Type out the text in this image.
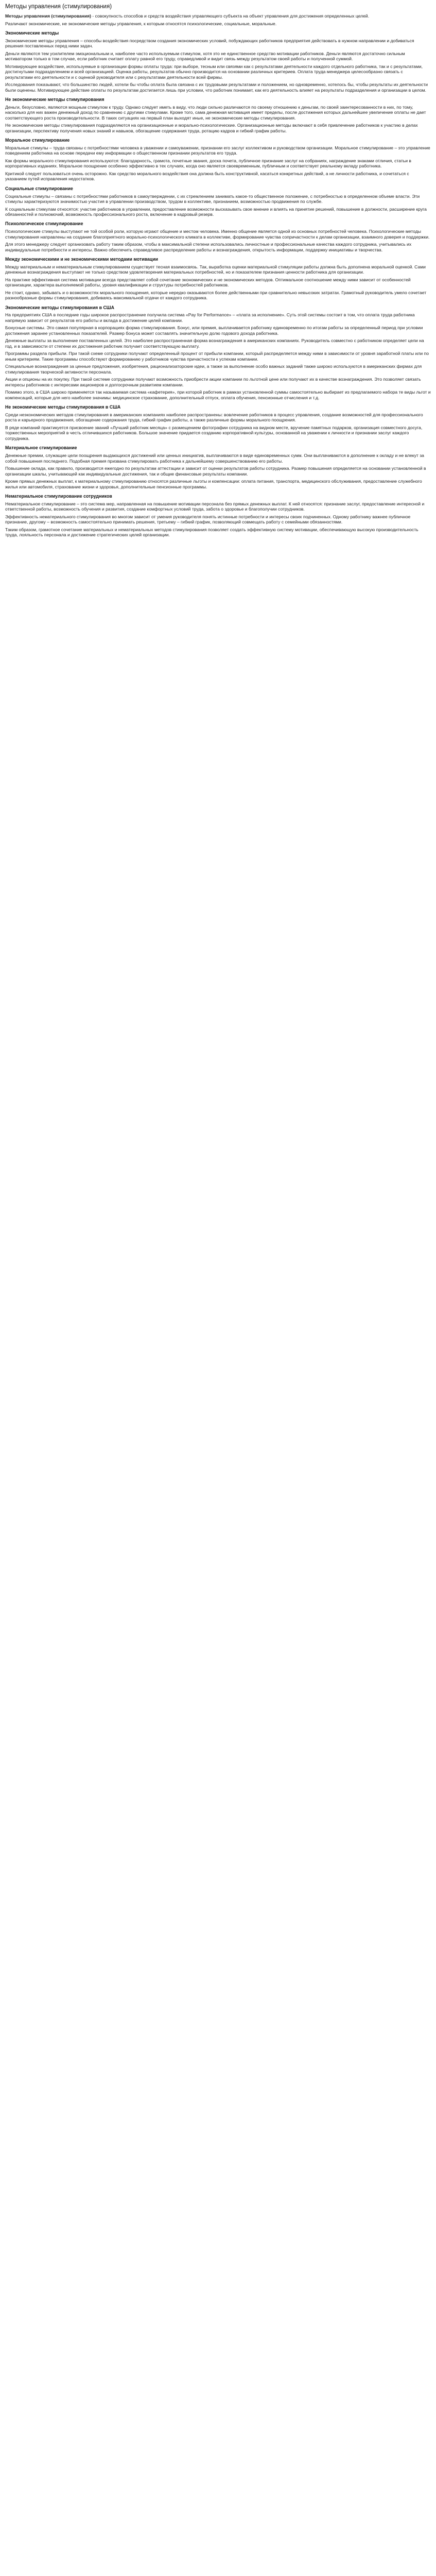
Методы управления (стимулирования)

Методы управления (стимулирования) - совокупность способов и средств воздействия управляющего субъекта на объект управления для достижения определенных целей.

Различают экономические, не экономические методы управления, к которым относятся психологические, социальные, моральные.

Экономические методы

Экономические методы управления – способы воздействия посредством создания экономических условий, побуждающих работников предприятия действовать в нужном направлении и добиваться решения поставленных перед ними задач.

Деньги являются тем усилителем эмоциональным и, наиболее часто используемым стимулом, хотя это не единственное средство мотивации работников. Деньги являются достаточно сильным мотиватором только в том случае, если работник считает оплату равной его труду, справедливой и видит связь между результатом своей работы и полученной суммой.

Мотивирующее воздействие, используемые в организации формы оплаты труда: при выборе, тесным или связями как с результатами деятельности каждого отдельного работника, так и с результатами, достигнутыми подразделением и всей организацией. Оценка работы, результатов обычно производится на основании различных критериев. Оплата труда менеджера целесообразно связать с результатами его деятельности и с оценкой руководителя или с результатами деятельности всей фирмы.

Исследования показывают, что большинство людей, хотели бы чтобы оплата была связана с их трудовыми результатами и положением, но одновременно, хотелось бы, чтобы результаты их деятельности были оценены. Мотивирующее действие оплаты по результатам достигается лишь при условии, что работник понимает, как его деятельность влияет на результаты подразделения и организации в целом.

Не экономические методы стимулирования

Деньги, безусловно, являются мощным стимулом к труду. Однако следует иметь в виду, что люди сильно различаются по своему отношению к деньгам, по своей заинтересованности в них, по тому, насколько для них важен денежный доход по сравнению с другими стимулами. Кроме того, сама денежная мотивация имеет пределы, после достижения которых дальнейшее увеличение оплаты не дает соответствующего роста производительности. В таких ситуациях на первый план выходят иные, не экономические методы стимулирования.

Не экономические методы стимулирования подразделяются на организационные и морально-психологические. Организационные методы включают в себя привлечение работников к участию в делах организации, перспективу получения новых знаний и навыков, обогащение содержания труда, ротацию кадров и гибкий график работы.

Моральное стимулирование

Моральные стимулы – труда связаны с потребностями человека в уважении и самоуважении, признании его заслуг коллективом и руководством организации. Моральное стимулирование – это управление поведением работника на основе передачи ему информации о общественном признании результатов его труда.

Как формы морального стимулирования используются: благодарность, грамота, почетные звания, доска почета, публичное признание заслуг на собраниях, награждение знаками отличия, статьи в корпоративных изданиях. Моральное поощрение особенно эффективно в тех случаях, когда оно является своевременным, публичным и соответствует реальному вкладу работника.

Критикой следует пользоваться очень осторожно. Как средство морального воздействия она должна быть конструктивной, касаться конкретных действий, а не личности работника, и сочетаться с указанием путей исправления недостатков.

Социальные стимулирование

Социальные стимулы – связаны с потребностями работников в самоутверждении, с их стремлением занимать какое-то общественное положение, с потребностью в определенном объеме власти. Эти стимулы характеризуются значимостью участия в управлении производством, трудом в коллективе, признанием, возможностью продвижения по службе.

К социальным стимулам относятся: участие работников в управлении, предоставление возможности высказывать свое мнение и влиять на принятие решений, повышение в должности, расширение круга обязанностей и полномочий, возможность профессионального роста, включение в кадровый резерв.

Психологическое стимулирование

Психологические стимулы выступают не той особой роли, которую играют общение и местом человека. Именно общение является одной из основных потребностей человека. Психологические методы стимулирования направлены на создание благоприятного морально-психологического климата в коллективе, формирование чувства сопричастности к делам организации, взаимного доверия и поддержки.

Для этого менеджеру следует организовать работу таким образом, чтобы в максимальной степени использовались личностные и профессиональные качества каждого сотрудника, учитывались их индивидуальные потребности и интересы. Важно обеспечить справедливое распределение работы и вознаграждения, открытость информации, поддержку инициативы и творчества.

Между экономическими и не экономическими методами мотивации

Между материальным и нематериальным стимулированием существует тесная взаимосвязь. Так, выработка оценки материальной стимуляции работы должна быть дополнена моральной оценкой. Сами денежные вознаграждения выступают не только средством удовлетворения материальных потребностей, но и показателем признания ценности работника для организации.

На практике эффективная система мотивации всегда представляет собой сочетание экономических и не экономических методов. Оптимальное соотношение между ними зависит от особенностей организации, характера выполняемой работы, уровня квалификации и структуры потребностей работников.

Не стоит, однако, забывать и о возможностях морального поощрения, которые нередко оказываются более действенными при сравнительно невысоких затратах. Грамотный руководитель умело сочетает разнообразные формы стимулирования, добиваясь максимальной отдачи от каждого сотрудника.

Экономические методы стимулирования в США

На предприятиях США в последние годы широкое распространение получила система «Pay for Performance» – «плата за исполнение». Суть этой системы состоит в том, что оплата труда работника напрямую зависит от результатов его работы и вклада в достижение целей компании.

Бонусные системы. Это самая популярная в корпорациях форма стимулирования. Бонус, или премия, выплачивается работнику единовременно по итогам работы за определенный период при условии достижения заранее установленных показателей. Размер бонуса может составлять значительную долю годового дохода работника.

Денежные выплаты за выполнение поставленных целей. Это наиболее распространенная форма вознаграждения в американских компаниях. Руководитель совместно с работником определяет цели на год, и в зависимости от степени их достижения работник получает соответствующую выплату.

Программы раздела прибыли. При такой схеме сотрудники получают определенный процент от прибыли компании, который распределяется между ними в зависимости от уровня заработной платы или по иным критериям. Такие программы способствуют формированию у работников чувства причастности к успехам компании.

Специальные вознаграждения за ценные предложения, изобретения, рационализаторские идеи, а также за выполнение особо важных заданий также широко используются в американских фирмах для стимулирования творческой активности персонала.

Акции и опционы на их покупку. При такой системе сотрудники получают возможность приобрести акции компании по льготной цене или получают их в качестве вознаграждения. Это позволяет связать интересы работников с интересами акционеров и долгосрочным развитием компании.

Помимо этого, в США широко применяется так называемая система «кафетерия», при которой работник в рамках установленной суммы самостоятельно выбирает из предлагаемого набора те виды льгот и компенсаций, которые для него наиболее значимы: медицинское страхование, дополнительный отпуск, оплата обучения, пенсионные отчисления и т.д.

Не экономические методы стимулирования в США

Среди неэкономических методов стимулирования в американских компаниях наиболее распространены: вовлечение работников в процесс управления, создание возможностей для профессионального роста и карьерного продвижения, обогащение содержания труда, гибкий график работы, а также различные формы морального поощрения.

В ряде компаний практикуется присвоение званий «Лучший работник месяца» с размещением фотографии сотрудника на видном месте, вручение памятных подарков, организация совместного досуга, торжественных мероприятий в честь отличившихся работников. Большое значение придается созданию корпоративной культуры, основанной на уважении к личности и признании заслуг каждого сотрудника.

Материальное стимулирование

Денежные премии, служащие цели поощрения выдающихся достижений или ценных инициатив, выплачиваются в виде единовременных сумм. Они выплачиваются в дополнение к окладу и не влекут за собой повышения последнего. Подобная премия призвана стимулировать работника к дальнейшему совершенствованию его работы.

Повышение оклада, как правило, производится ежегодно по результатам аттестации и зависит от оценки результатов работы сотрудника. Размер повышения определяется на основании установленной в организации шкалы, учитывающей как индивидуальные достижения, так и общие финансовые результаты компании.

Кроме прямых денежных выплат, к материальному стимулированию относятся различные льготы и компенсации: оплата питания, транспорта, медицинского обслуживания, предоставление служебного жилья или автомобиля, страхование жизни и здоровья, дополнительные пенсионные программы.

Нематериальное стимулирование сотрудников

Нематериальное стимулирование – это система мер, направленная на повышение мотивации персонала без прямых денежных выплат. К ней относятся: признание заслуг, предоставление интересной и ответственной работы, возможность обучения и развития, создание комфортных условий труда, забота о здоровье и благополучии сотрудников.

Эффективность нематериального стимулирования во многом зависит от умения руководителя понять истинные потребности и интересы своих подчиненных. Одному работнику важнее публичное признание, другому – возможность самостоятельно принимать решения, третьему – гибкий график, позволяющий совмещать работу с семейными обязанностями.

Таким образом, грамотное сочетание материальных и нематериальных методов стимулирования позволяет создать эффективную систему мотивации, обеспечивающую высокую производительность труда, лояльность персонала и достижение стратегических целей организации.
